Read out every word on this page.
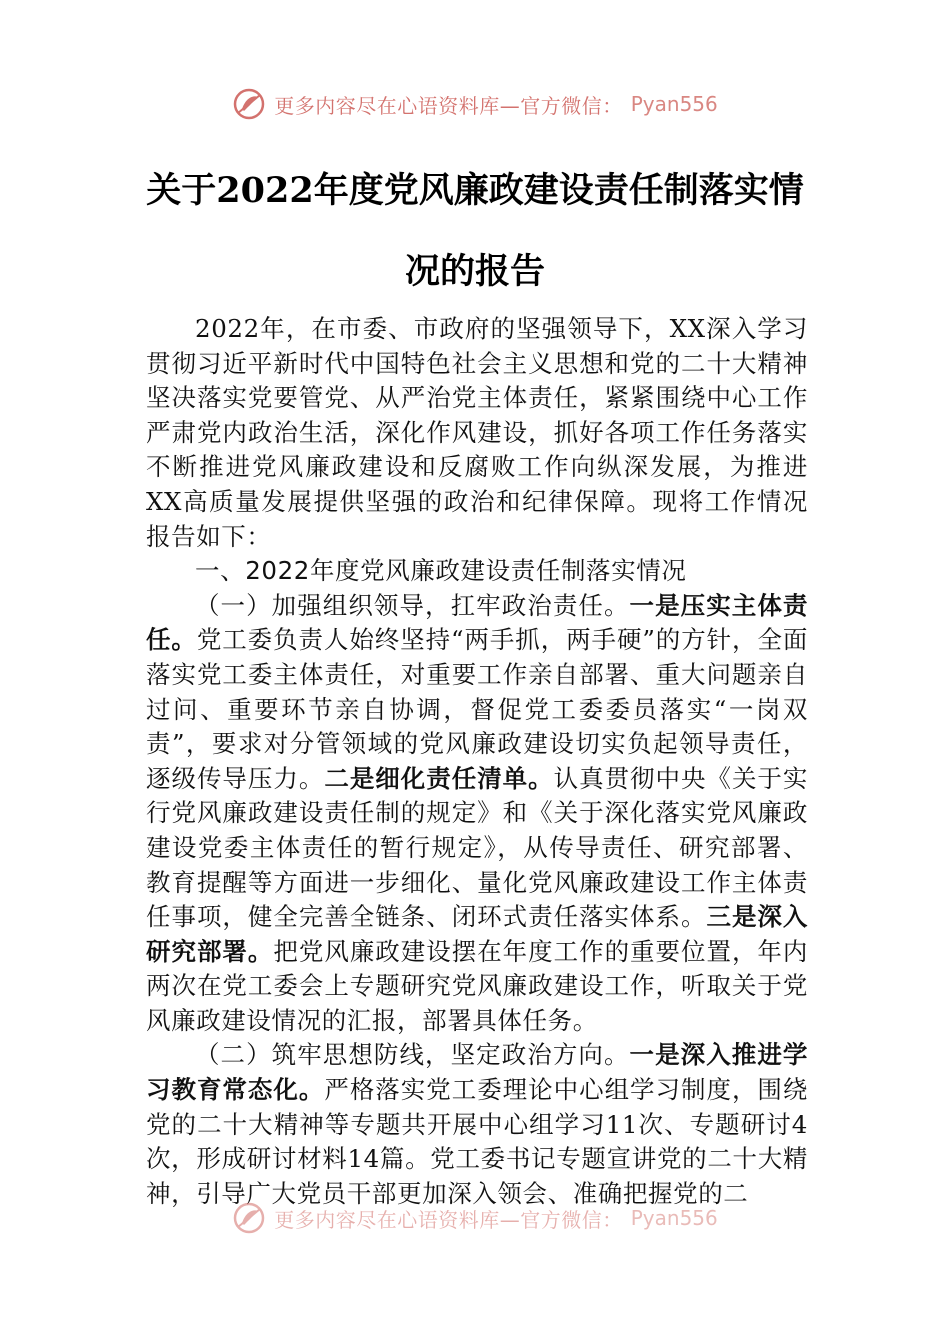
更多内容尽在心语资料库—官方微信： Pyan556
关于2022年度党风廉政建设责任制落实情
况的报告

2022年，在市委、市政府的坚强领导下，XX深入学习贯彻习近平新时代中国特色社会主义思想和党的二十大精神坚决落实党要管党、从严治党主体责任，紧紧围绕中心工作严肃党内政治生活，深化作风建设，抓好各项工作任务落实不断推进党风廉政建设和反腐败工作向纵深发展，为推进XX高质量发展提供坚强的政治和纪律保障。现将工作情况报告如下：

一、2022年度党风廉政建设责任制落实情况

（一）加强组织领导，扛牢政治责任。一是压实主体责任。党工委负责人始终坚持“两手抓，两手硬”的方针，全面落实党工委主体责任，对重要工作亲自部署、重大问题亲自过问、重要环节亲自协调，督促党工委委员落实“一岗双责”，要求对分管领域的党风廉政建设切实负起领导责任，逐级传导压力。二是细化责任清单。认真贯彻中央《关于实行党风廉政建设责任制的规定》和《关于深化落实党风廉政建设党委主体责任的暂行规定》，从传导责任、研究部署、教育提醒等方面进一步细化、量化党风廉政建设工作主体责任事项，健全完善全链条、闭环式责任落实体系。三是深入研究部署。把党风廉政建设摆在年度工作的重要位置，年内两次在党工委会上专题研究党风廉政建设工作，听取关于党风廉政建设情况的汇报，部署具体任务。

（二）筑牢思想防线，坚定政治方向。一是深入推进学习教育常态化。严格落实党工委理论中心组学习制度，围绕党的二十大精神等专题共开展中心组学习11次、专题研讨4次，形成研讨材料14篇。党工委书记专题宣讲党的二十大精神，引导广大党员干部更加深入领会、准确把握党的二

更多内容尽在心语资料库—官方微信： Pyan556
